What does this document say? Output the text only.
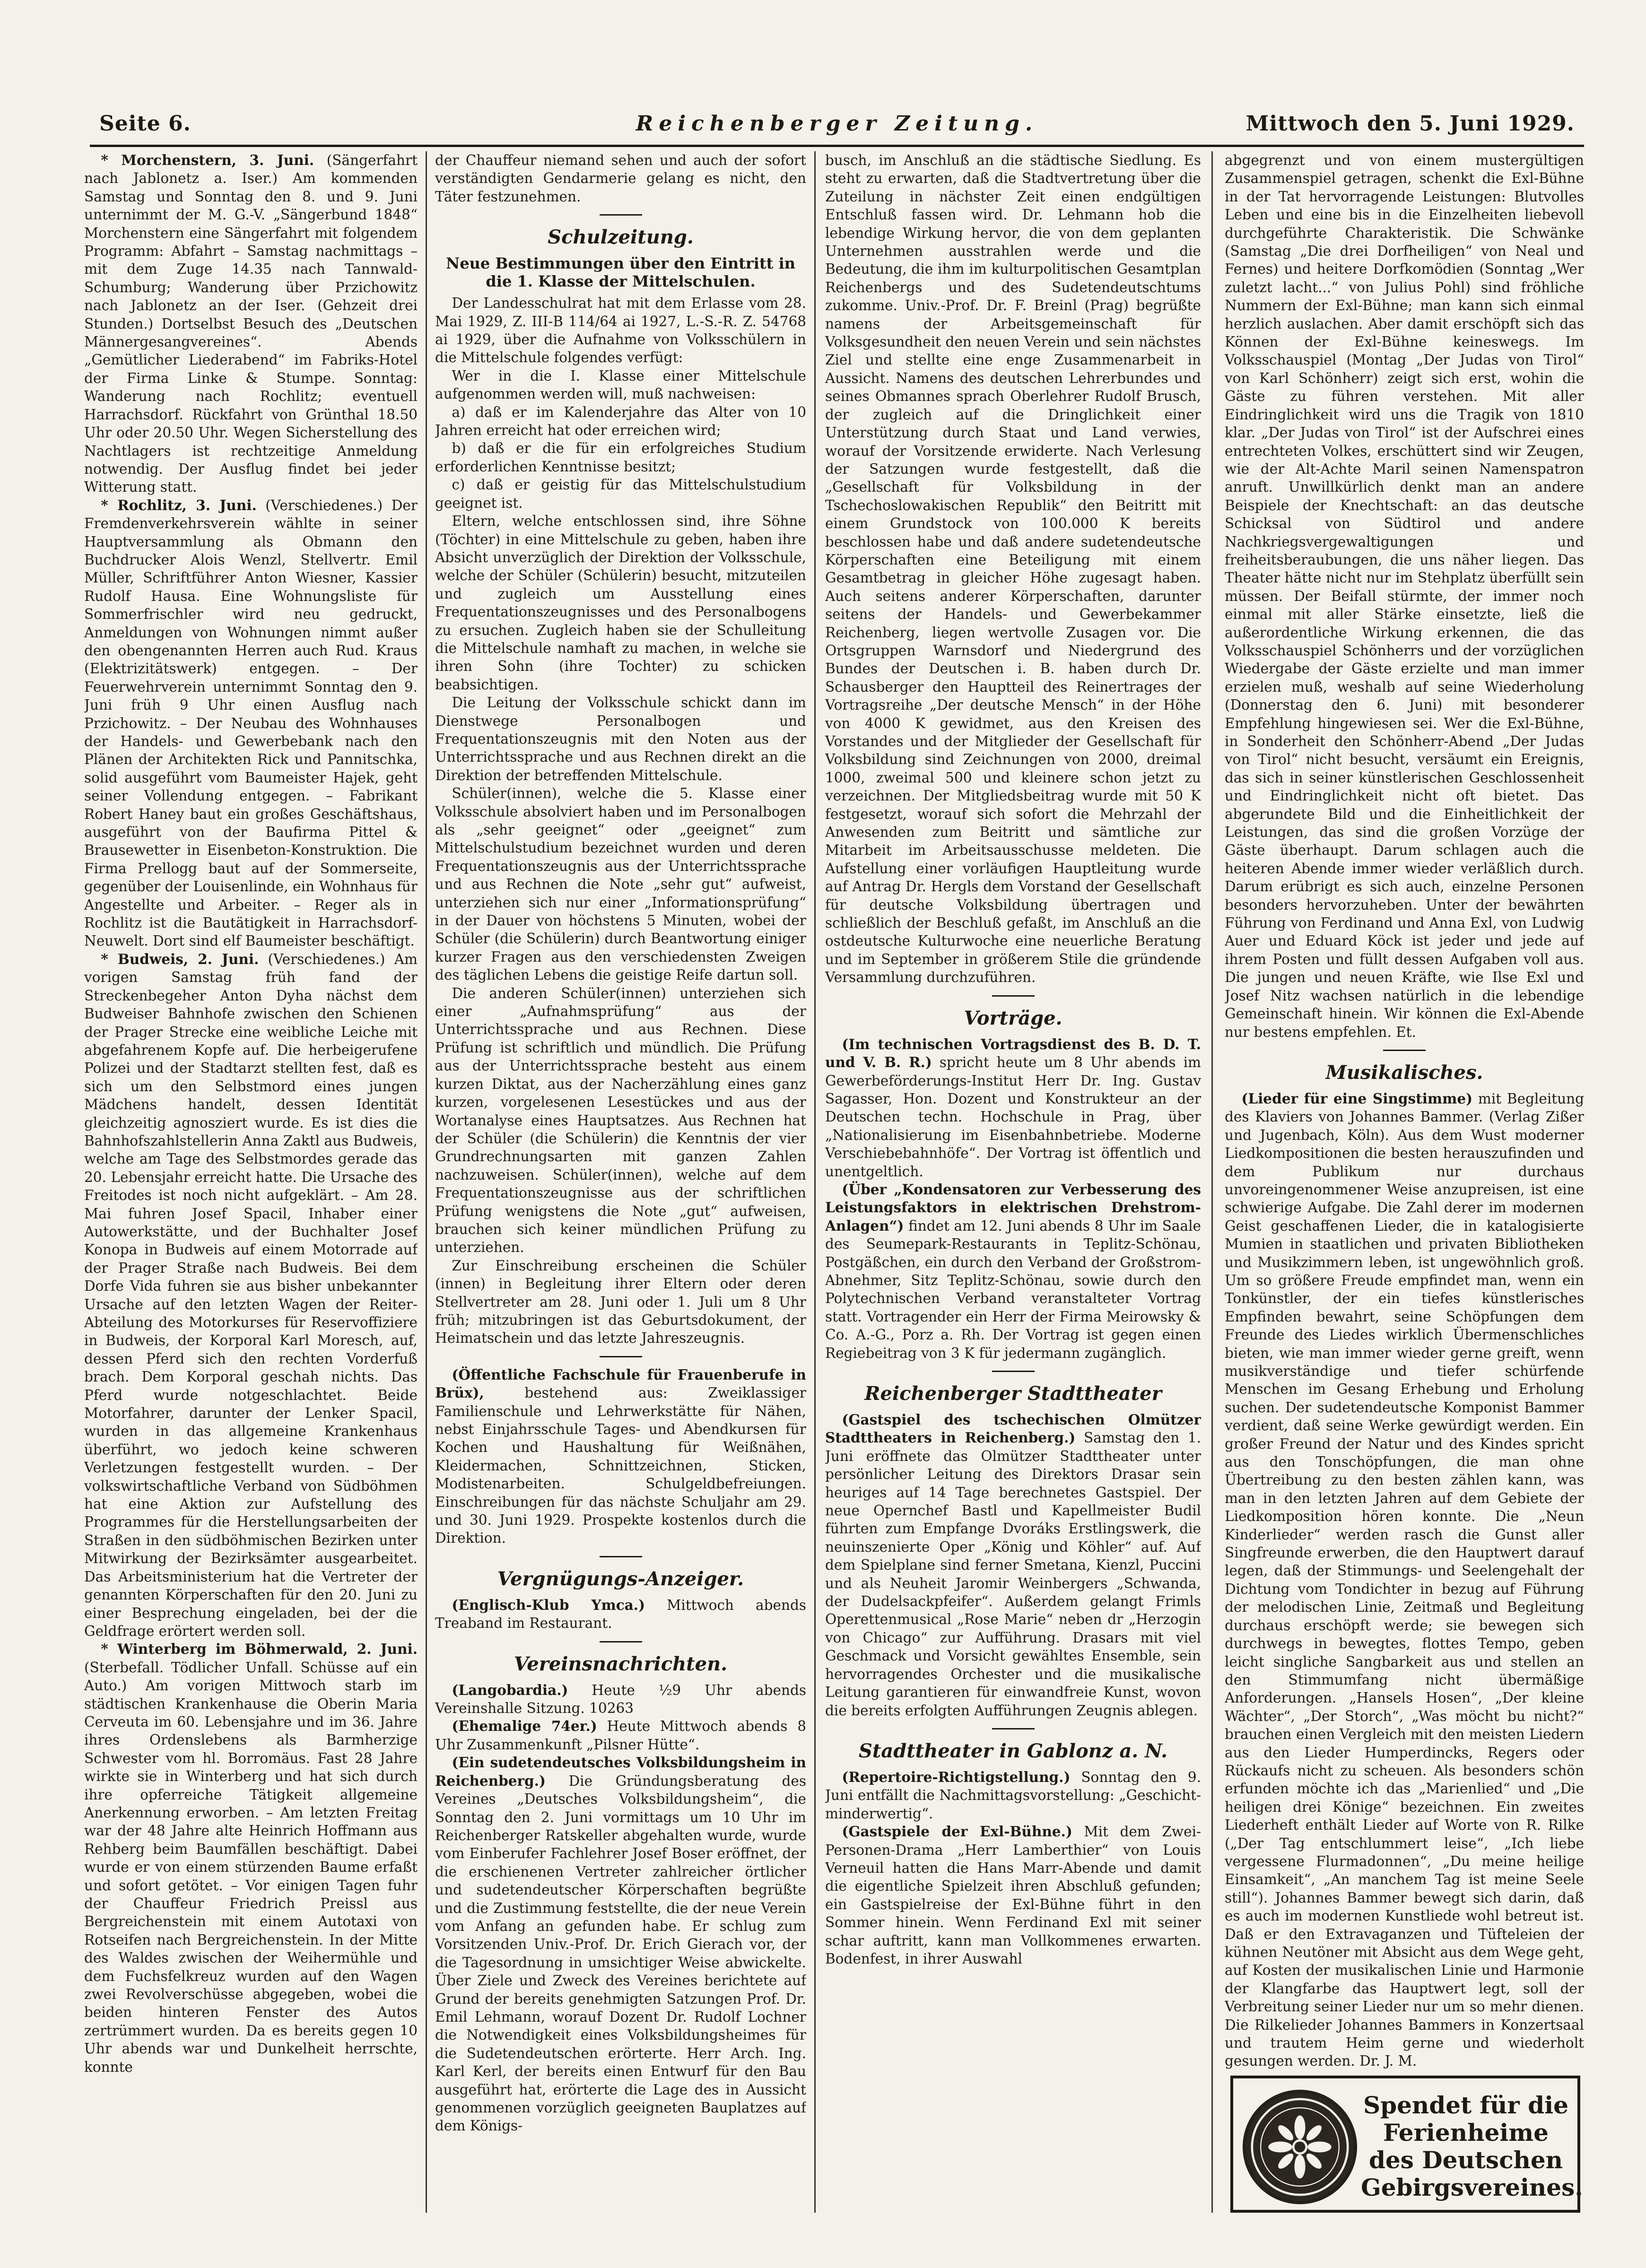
Seite 6.	Reichenberger Zeitung.	Mittwoch den 5. Juni 1929.

* Morchenstern, 3. Juni. (Sängerfahrt nach Jablonetz a. Iser.) Am kommenden Samstag und Sonntag den 8. und 9. Juni unternimmt der M. G.-V. „Sängerbund 1848“ Morchenstern eine Sängerfahrt mit folgendem Programm: Abfahrt – Samstag nachmittags – mit dem Zuge 14.35 nach Tannwald-Schumburg; Wanderung über Przichowitz nach Jablonetz an der Iser. (Gehzeit drei Stunden.) Dortselbst Besuch des „Deutschen Männergesangvereines“. Abends „Gemütlicher Liederabend“ im Fabriks-Hotel der Firma Linke & Stumpe. Sonntag: Wanderung nach Rochlitz; eventuell Harrachsdorf. Rückfahrt von Grünthal 18.50 Uhr oder 20.50 Uhr. Wegen Sicherstellung des Nachtlagers ist rechtzeitige Anmeldung notwendig. Der Ausflug findet bei jeder Witterung statt.

* Rochlitz, 3. Juni. (Verschiedenes.) Der Fremdenverkehrsverein wählte in seiner Hauptversammlung als Obmann den Buchdrucker Alois Wenzl, Stellvertr. Emil Müller, Schriftführer Anton Wiesner, Kassier Rudolf Hausa. Eine Wohnungsliste für Sommerfrischler wird neu gedruckt, Anmeldungen von Wohnungen nimmt außer den obengenannten Herren auch Rud. Kraus (Elektrizitätswerk) entgegen. – Der Feuerwehrverein unternimmt Sonntag den 9. Juni früh 9 Uhr einen Ausflug nach Przichowitz. – Der Neubau des Wohnhauses der Handels- und Gewerbebank nach den Plänen der Architekten Rick und Pannitschka, solid ausgeführt vom Baumeister Hajek, geht seiner Vollendung entgegen. – Fabrikant Robert Haney baut ein großes Geschäftshaus, ausgeführt von der Baufirma Pittel & Brausewetter in Eisenbeton-Konstruktion. Die Firma Prellogg baut auf der Sommerseite, gegenüber der Louisenlinde, ein Wohnhaus für Angestellte und Arbeiter. – Reger als in Rochlitz ist die Bautätigkeit in Harrachsdorf-Neuwelt. Dort sind elf Baumeister beschäftigt.

* Budweis, 2. Juni. (Verschiedenes.) Am vorigen Samstag früh fand der Streckenbegeher Anton Dyha nächst dem Budweiser Bahnhofe zwischen den Schienen der Prager Strecke eine weibliche Leiche mit abgefahrenem Kopfe auf. Die herbeigerufene Polizei und der Stadtarzt stellten fest, daß es sich um den Selbstmord eines jungen Mädchens handelt, dessen Identität gleichzeitig agnosziert wurde. Es ist dies die Bahnhofszahlstellerin Anna Zaktl aus Budweis, welche am Tage des Selbstmordes gerade das 20. Lebensjahr erreicht hatte. Die Ursache des Freitodes ist noch nicht aufgeklärt. – Am 28. Mai fuhren Josef Spacil, Inhaber einer Autowerkstätte, und der Buchhalter Josef Konopa in Budweis auf einem Motorrade auf der Prager Straße nach Budweis. Bei dem Dorfe Vida fuhren sie aus bisher unbekannter Ursache auf den letzten Wagen der Reiter-Abteilung des Motorkurses für Reservoffiziere in Budweis, der Korporal Karl Moresch, auf, dessen Pferd sich den rechten Vorderfuß brach. Dem Korporal geschah nichts. Das Pferd wurde notgeschlachtet. Beide Motorfahrer, darunter der Lenker Spacil, wurden in das allgemeine Krankenhaus überführt, wo jedoch keine schweren Verletzungen festgestellt wurden. – Der volkswirtschaftliche Verband von Südböhmen hat eine Aktion zur Aufstellung des Programmes für die Herstellungsarbeiten der Straßen in den südböhmischen Bezirken unter Mitwirkung der Bezirksämter ausgearbeitet. Das Arbeitsministerium hat die Vertreter der genannten Körperschaften für den 20. Juni zu einer Besprechung eingeladen, bei der die Geldfrage erörtert werden soll.

* Winterberg im Böhmerwald, 2. Juni. (Sterbefall. Tödlicher Unfall. Schüsse auf ein Auto.) Am vorigen Mittwoch starb im städtischen Krankenhause die Oberin Maria Cerveuta im 60. Lebensjahre und im 36. Jahre ihres Ordenslebens als Barmherzige Schwester vom hl. Borromäus. Fast 28 Jahre wirkte sie in Winterberg und hat sich durch ihre opferreiche Tätigkeit allgemeine Anerkennung erworben. – Am letzten Freitag war der 48 Jahre alte Heinrich Hoffmann aus Rehberg beim Baumfällen beschäftigt. Dabei wurde er von einem stürzenden Baume erfaßt und sofort getötet. – Vor einigen Tagen fuhr der Chauffeur Friedrich Preissl aus Bergreichenstein mit einem Autotaxi von Rotseifen nach Bergreichenstein. In der Mitte des Waldes zwischen der Weihermühle und dem Fuchsfelkreuz wurden auf den Wagen zwei Revolverschüsse abgegeben, wobei die beiden hinteren Fenster des Autos zertrümmert wurden. Da es bereits gegen 10 Uhr abends war und Dunkelheit herrschte, konnte

der Chauffeur niemand sehen und auch der sofort verständigten Gendarmerie gelang es nicht, den Täter festzunehmen.

Schulzeitung.
Neue Bestimmungen über den Eintritt in die 1. Klasse der Mittelschulen.

Der Landesschulrat hat mit dem Erlasse vom 28. Mai 1929, Z. III-B 114/64 ai 1927, L.-S.-R. Z. 54768 ai 1929, über die Aufnahme von Volksschülern in die Mittelschule folgendes verfügt:

Wer in die I. Klasse einer Mittelschule aufgenommen werden will, muß nachweisen:

a) daß er im Kalenderjahre das Alter von 10 Jahren erreicht hat oder erreichen wird;

b) daß er die für ein erfolgreiches Studium erforderlichen Kenntnisse besitzt;

c) daß er geistig für das Mittelschulstudium geeignet ist.

Eltern, welche entschlossen sind, ihre Söhne (Töchter) in eine Mittelschule zu geben, haben ihre Absicht unverzüglich der Direktion der Volksschule, welche der Schüler (Schülerin) besucht, mitzuteilen und zugleich um Ausstellung eines Frequentationszeugnisses und des Personalbogens zu ersuchen. Zugleich haben sie der Schulleitung die Mittelschule namhaft zu machen, in welche sie ihren Sohn (ihre Tochter) zu schicken beabsichtigen.

Die Leitung der Volksschule schickt dann im Dienstwege Personalbogen und Frequentationszeugnis mit den Noten aus der Unterrichtssprache und aus Rechnen direkt an die Direktion der betreffenden Mittelschule.

Schüler(innen), welche die 5. Klasse einer Volksschule absolviert haben und im Personalbogen als „sehr geeignet“ oder „geeignet“ zum Mittelschulstudium bezeichnet wurden und deren Frequentationszeugnis aus der Unterrichtssprache und aus Rechnen die Note „sehr gut“ aufweist, unterziehen sich nur einer „Informationsprüfung“ in der Dauer von höchstens 5 Minuten, wobei der Schüler (die Schülerin) durch Beantwortung einiger kurzer Fragen aus den verschiedensten Zweigen des täglichen Lebens die geistige Reife dartun soll.

Die anderen Schüler(innen) unterziehen sich einer „Aufnahmsprüfung“ aus der Unterrichtssprache und aus Rechnen. Diese Prüfung ist schriftlich und mündlich. Die Prüfung aus der Unterrichtssprache besteht aus einem kurzen Diktat, aus der Nacherzählung eines ganz kurzen, vorgelesenen Lesestückes und aus der Wortanalyse eines Hauptsatzes. Aus Rechnen hat der Schüler (die Schülerin) die Kenntnis der vier Grundrechnungsarten mit ganzen Zahlen nachzuweisen. Schüler(innen), welche auf dem Frequentationszeugnisse aus der schriftlichen Prüfung wenigstens die Note „gut“ aufweisen, brauchen sich keiner mündlichen Prüfung zu unterziehen.

Zur Einschreibung erscheinen die Schüler (innen) in Begleitung ihrer Eltern oder deren Stellvertreter am 28. Juni oder 1. Juli um 8 Uhr früh; mitzubringen ist das Geburtsdokument, der Heimatschein und das letzte Jahreszeugnis.

(Öffentliche Fachschule für Frauenberufe in Brüx),	bestehend aus: Zweiklassiger Familienschule und Lehrwerkstätte für Nähen, nebst Einjahrsschule Tages- und Abendkursen für Kochen und Haushaltung für Weißnähen, Kleidermachen, Schnittzeichnen, Sticken, Modistenarbeiten. Schulgeldbefreiungen. Einschreibungen für das nächste Schuljahr am 29. und 30. Juni 1929. Prospekte kostenlos durch die Direktion.

Vergnügungs-Anzeiger.

(Englisch-Klub Ymca.) Mittwoch abends Treaband im Restaurant.

Vereinsnachrichten.

(Langobardia.) Heute ½9 Uhr abends Vereinshalle Sitzung. 10263

(Ehemalige 74er.) Heute Mittwoch abends 8 Uhr Zusammenkunft „Pilsner Hütte“.

(Ein sudetendeutsches Volksbildungsheim in Reichenberg.) Die Gründungsberatung des Vereines „Deutsches Volksbildungsheim“, die Sonntag den 2. Juni vormittags um 10 Uhr im Reichenberger Ratskeller abgehalten wurde, wurde vom Einberufer Fachlehrer Josef Boser eröffnet, der die erschienenen Vertreter zahlreicher örtlicher und sudetendeutscher Körperschaften begrüßte und die Zustimmung feststellte, die der neue Verein vom Anfang an gefunden habe. Er schlug zum Vorsitzenden Univ.-Prof. Dr. Erich Gierach vor, der die Tagesordnung in umsichtiger Weise abwickelte. Über Ziele und Zweck des Vereines berichtete auf Grund der bereits genehmigten Satzungen Prof. Dr. Emil Lehmann, worauf Dozent Dr. Rudolf Lochner die Notwendigkeit eines Volksbildungsheimes für die Sudetendeutschen erörterte. Herr Arch. Ing. Karl Kerl, der bereits einen Entwurf für den Bau ausgeführt hat, erörterte die Lage des in Aussicht genommenen vorzüglich geeigneten Bauplatzes auf dem Königs-

busch, im Anschluß an die städtische Siedlung. Es steht zu erwarten, daß die Stadtvertretung über die Zuteilung in nächster Zeit einen endgültigen Entschluß fassen wird. Dr. Lehmann hob die lebendige Wirkung hervor, die von dem geplanten Unternehmen ausstrahlen werde und die Bedeutung, die ihm im kulturpolitischen Gesamtplan Reichenbergs und des Sudetendeutschtums zukomme. Univ.-Prof. Dr. F. Breinl (Prag) begrüßte namens der Arbeitsgemeinschaft für Volksgesundheit den neuen Verein und sein nächstes Ziel und stellte eine enge Zusammenarbeit in Aussicht. Namens des deutschen Lehrerbundes und seines Obmannes sprach Oberlehrer Rudolf Brusch, der zugleich auf die Dringlichkeit einer Unterstützung durch Staat und Land verwies, worauf der Vorsitzende erwiderte. Nach Verlesung der Satzungen wurde festgestellt, daß die „Gesellschaft für Volksbildung in der Tschechoslowakischen Republik“ den Beitritt mit einem Grundstock von 100.000 K bereits beschlossen habe und daß andere sudetendeutsche Körperschaften eine Beteiligung mit einem Gesamtbetrag in gleicher Höhe zugesagt haben. Auch seitens anderer Körperschaften, darunter seitens der Handels- und Gewerbekammer Reichenberg, liegen wertvolle Zusagen vor. Die Ortsgruppen Warnsdorf und Niedergrund des Bundes der Deutschen i. B. haben durch Dr. Schausberger den Hauptteil des Reinertrages der Vortragsreihe „Der deutsche Mensch“ in der Höhe von 4000 K gewidmet, aus den Kreisen des Vorstandes und der Mitglieder der Gesellschaft für Volksbildung sind Zeichnungen von 2000, dreimal 1000, zweimal 500 und kleinere schon jetzt zu verzeichnen. Der Mitgliedsbeitrag wurde mit 50 K festgesetzt, worauf sich sofort die Mehrzahl der Anwesenden zum Beitritt und sämtliche zur Mitarbeit im Arbeitsausschusse meldeten. Die Aufstellung einer vorläufigen Hauptleitung wurde auf Antrag Dr. Hergls dem Vorstand der Gesellschaft für deutsche Volksbildung übertragen und schließlich der Beschluß gefaßt, im Anschluß an die ostdeutsche Kulturwoche eine neuerliche Beratung und im September in größerem Stile die gründende Versammlung durchzuführen.

Vorträge.

(Im technischen Vortragsdienst des B. D. T. und V. B. R.) spricht heute um 8 Uhr abends im Gewerbeförderungs-Institut Herr Dr. Ing. Gustav Sagasser, Hon. Dozent und Konstrukteur an der Deutschen techn. Hochschule in Prag, über „Nationalisierung im Eisenbahnbetriebe. Moderne Verschiebebahnhöfe“. Der Vortrag ist öffentlich und unentgeltlich.

(Über „Kondensatoren zur Verbesserung des Leistungsfaktors in elektrischen Drehstrom-Anlagen“) findet am 12. Juni abends 8 Uhr im Saale des Seumepark-Restaurants in Teplitz-Schönau, Postgäßchen, ein durch den Verband der Großstrom-Abnehmer, Sitz Teplitz-Schönau, sowie durch den Polytechnischen Verband veranstalteter Vortrag statt. Vortragender ein Herr der Firma Meirowsky & Co. A.-G., Porz a. Rh. Der Vortrag ist gegen einen Regiebeitrag von 3 K für jedermann zugänglich.

Reichenberger Stadttheater

(Gastspiel des tschechischen Olmützer Stadttheaters in Reichenberg.) Samstag den 1. Juni eröffnete das Olmützer Stadttheater unter persönlicher Leitung des Direktors Drasar sein heuriges auf 14 Tage berechnetes Gastspiel. Der neue Opernchef Bastl und Kapellmeister Budil führten zum Empfange Dvoráks Erstlingswerk, die neuinszenierte Oper „König und Köhler“ auf. Auf dem Spielplane sind ferner Smetana, Kienzl, Puccini und als Neuheit Jaromir Weinbergers „Schwanda, der Dudelsackpfeifer“. Außerdem gelangt Frimls Operettenmusical „Rose Marie“ neben dr „Herzogin von Chicago“ zur Aufführung. Drasars mit viel Geschmack und Vorsicht gewähltes Ensemble, sein hervorragendes Orchester und die musikalische Leitung garantieren für einwandfreie Kunst, wovon die bereits erfolgten Aufführungen Zeugnis ablegen.

Stadttheater in Gablonz a. N.

(Repertoire-Richtigstellung.) Sonntag den 9. Juni entfällt die Nachmittagsvorstellung: „Geschicht-minderwertig“.

(Gastspiele der Exl-Bühne.) Mit dem Zwei-Personen-Drama „Herr Lamberthier“ von Louis Verneuil hatten die Hans Marr-Abende und damit die eigentliche Spielzeit ihren Abschluß gefunden; ein Gastspielreise der Exl-Bühne führt in den Sommer hinein. Wenn Ferdinand Exl mit seiner schar auftritt, kann man Vollkommenes erwarten. Bodenfest, in ihrer Auswahl

abgegrenzt und von einem mustergültigen Zusammenspiel getragen, schenkt die Exl-Bühne in der Tat hervorragende Leistungen: Blutvolles Leben und eine bis in die Einzelheiten liebevoll durchgeführte Charakteristik. Die Schwänke (Samstag „Die drei Dorfheiligen“ von Neal und Fernes) und heitere Dorfkomödien (Sonntag „Wer zuletzt lacht...“ von Julius Pohl) sind fröhliche Nummern der Exl-Bühne; man kann sich einmal herzlich auslachen. Aber damit erschöpft sich das Können der Exl-Bühne keineswegs. Im Volksschauspiel (Montag „Der Judas von Tirol“ von Karl Schönherr) zeigt sich erst, wohin die Gäste zu führen verstehen. Mit aller Eindringlichkeit wird uns die Tragik von 1810 klar. „Der Judas von Tirol“ ist der Aufschrei eines entrechteten Volkes, erschüttert sind wir Zeugen, wie der Alt-Achte Maril seinen Namenspatron anruft. Unwillkürlich denkt man an andere Beispiele der Knechtschaft: an das deutsche Schicksal von Südtirol und andere Nachkriegsvergewaltigungen und freiheitsberaubungen, die uns näher liegen. Das Theater hätte nicht nur im Stehplatz überfüllt sein müssen. Der Beifall stürmte, der immer noch einmal mit aller Stärke einsetzte, ließ die außerordentliche Wirkung erkennen, die das Volksschauspiel Schönherrs und der vorzüglichen Wiedergabe der Gäste erzielte und man immer erzielen muß, weshalb auf seine Wiederholung (Donnerstag den 6. Juni) mit besonderer Empfehlung hingewiesen sei. Wer die Exl-Bühne, in Sonderheit den Schönherr-Abend „Der Judas von Tirol“ nicht besucht, versäumt ein Ereignis, das sich in seiner künstlerischen Geschlossenheit und Eindringlichkeit nicht oft bietet. Das abgerundete Bild und die Einheitlichkeit der Leistungen, das sind die großen Vorzüge der Gäste überhaupt. Darum schlagen auch die heiteren Abende immer wieder verläßlich durch. Darum erübrigt es sich auch, einzelne Personen besonders hervorzuheben. Unter der bewährten Führung von Ferdinand und Anna Exl, von Ludwig Auer und Eduard Köck ist jeder und jede auf ihrem Posten und füllt dessen Aufgaben voll aus. Die jungen und neuen Kräfte, wie Ilse Exl und Josef Nitz wachsen natürlich in die lebendige Gemeinschaft hinein. Wir können die Exl-Abende nur bestens empfehlen. Et.

Musikalisches.

(Lieder für eine Singstimme) mit Begleitung des Klaviers von Johannes Bammer. (Verlag Zißer und Jugenbach, Köln). Aus dem Wust moderner Liedkompositionen die besten herauszufinden und dem Publikum nur durchaus unvoreingenommener Weise anzupreisen, ist eine schwierige Aufgabe. Die Zahl derer im modernen Geist geschaffenen Lieder, die in katalogisierte Mumien in staatlichen und privaten Bibliotheken und Musikzimmern leben, ist ungewöhnlich groß. Um so größere Freude empfindet man, wenn ein Tonkünstler, der ein tiefes künstlerisches Empfinden bewahrt, seine Schöpfungen dem Freunde des Liedes wirklich Übermenschliches bieten, wie man immer wieder gerne greift, wenn musikverständige und tiefer schürfende Menschen im Gesang Erhebung und Erholung suchen. Der sudetendeutsche Komponist Bammer verdient, daß seine Werke gewürdigt werden. Ein großer Freund der Natur und des Kindes spricht aus den Tonschöpfungen, die man ohne Übertreibung zu den besten zählen kann, was man in den letzten Jahren auf dem Gebiete der Liedkomposition hören konnte. Die „Neun Kinderlieder“ werden rasch die Gunst aller Singfreunde erwerben, die den Hauptwert darauf legen, daß der Stimmungs- und Seelengehalt der Dichtung vom Tondichter in bezug auf Führung der melodischen Linie, Zeitmaß und Begleitung durchaus erschöpft werde; sie bewegen sich durchwegs in bewegtes, flottes Tempo, geben leicht singliche Sangbarkeit aus und stellen an den Stimmumfang nicht übermäßige Anforderungen. „Hansels Hosen“, „Der kleine Wächter“, „Der Storch“, „Was möcht bu nicht?“ brauchen einen Vergleich mit den meisten Liedern aus den Lieder Humperdincks, Regers oder Rückaufs nicht zu scheuen. Als besonders schön erfunden möchte ich das „Marienlied“ und „Die heiligen drei Könige“ bezeichnen. Ein zweites Liederheft enthält Lieder auf Worte von R. Rilke („Der Tag entschlummert leise“, „Ich liebe vergessene Flurmadonnen“, „Du meine heilige Einsamkeit“, „An manchem Tag ist meine Seele still“). Johannes Bammer bewegt sich darin, daß es auch im modernen Kunstliede wohl betreut ist. Daß er den Extravaganzen und Tüfteleien der kühnen Neutöner mit Absicht aus dem Wege geht, auf Kosten der musikalischen Linie und Harmonie der Klangfarbe das Hauptwert legt, soll der Verbreitung seiner Lieder nur um so mehr dienen. Die Rilkelieder Johannes Bammers in Konzertsaal und trautem Heim gerne und wiederholt gesungen werden. Dr. J. M.

Spendet für die
Ferienheime
des Deutschen
Gebirgsvereines.
